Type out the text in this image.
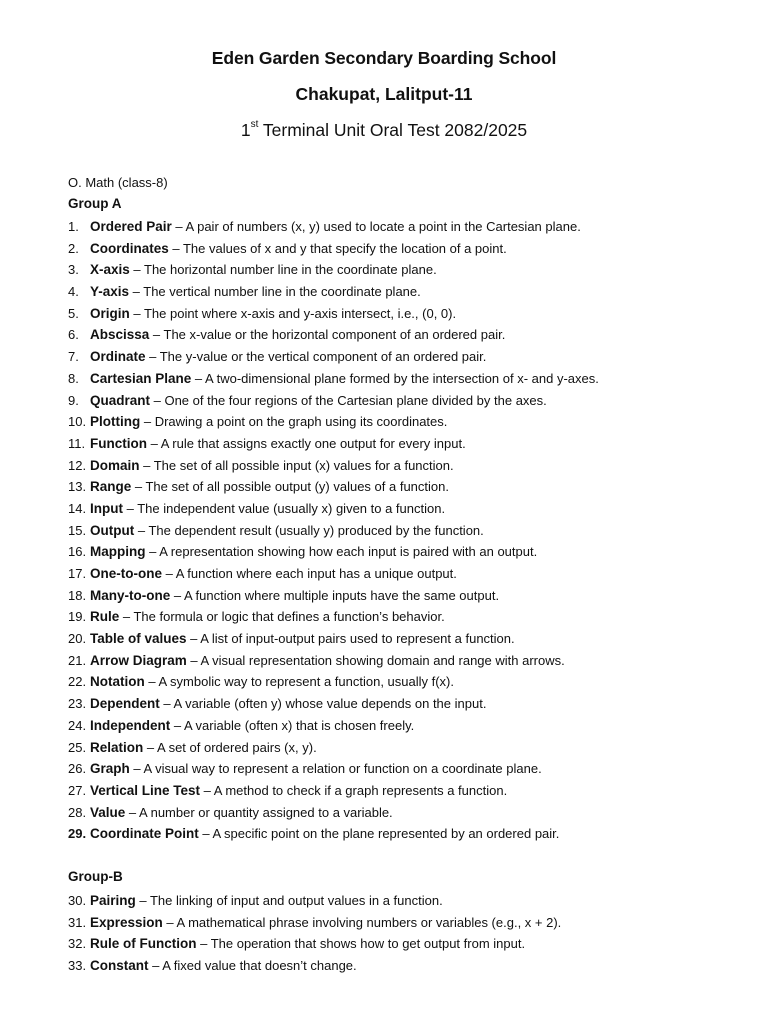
Eden Garden Secondary Boarding School
Chakupat, Lalitput-11
1st Terminal Unit Oral Test 2082/2025
O. Math (class-8)
Group A
1. Ordered Pair – A pair of numbers (x, y) used to locate a point in the Cartesian plane.
2. Coordinates – The values of x and y that specify the location of a point.
3. X-axis – The horizontal number line in the coordinate plane.
4. Y-axis – The vertical number line in the coordinate plane.
5. Origin – The point where x-axis and y-axis intersect, i.e., (0, 0).
6. Abscissa – The x-value or the horizontal component of an ordered pair.
7. Ordinate – The y-value or the vertical component of an ordered pair.
8. Cartesian Plane – A two-dimensional plane formed by the intersection of x- and y-axes.
9. Quadrant – One of the four regions of the Cartesian plane divided by the axes.
10. Plotting – Drawing a point on the graph using its coordinates.
11. Function – A rule that assigns exactly one output for every input.
12. Domain – The set of all possible input (x) values for a function.
13. Range – The set of all possible output (y) values of a function.
14. Input – The independent value (usually x) given to a function.
15. Output – The dependent result (usually y) produced by the function.
16. Mapping – A representation showing how each input is paired with an output.
17. One-to-one – A function where each input has a unique output.
18. Many-to-one – A function where multiple inputs have the same output.
19. Rule – The formula or logic that defines a function’s behavior.
20. Table of values – A list of input-output pairs used to represent a function.
21. Arrow Diagram – A visual representation showing domain and range with arrows.
22. Notation – A symbolic way to represent a function, usually f(x).
23. Dependent – A variable (often y) whose value depends on the input.
24. Independent – A variable (often x) that is chosen freely.
25. Relation – A set of ordered pairs (x, y).
26. Graph – A visual way to represent a relation or function on a coordinate plane.
27. Vertical Line Test – A method to check if a graph represents a function.
28. Value – A number or quantity assigned to a variable.
29. Coordinate Point – A specific point on the plane represented by an ordered pair.
Group-B
30. Pairing – The linking of input and output values in a function.
31. Expression – A mathematical phrase involving numbers or variables (e.g., x + 2).
32. Rule of Function – The operation that shows how to get output from input.
33. Constant – A fixed value that doesn’t change.
